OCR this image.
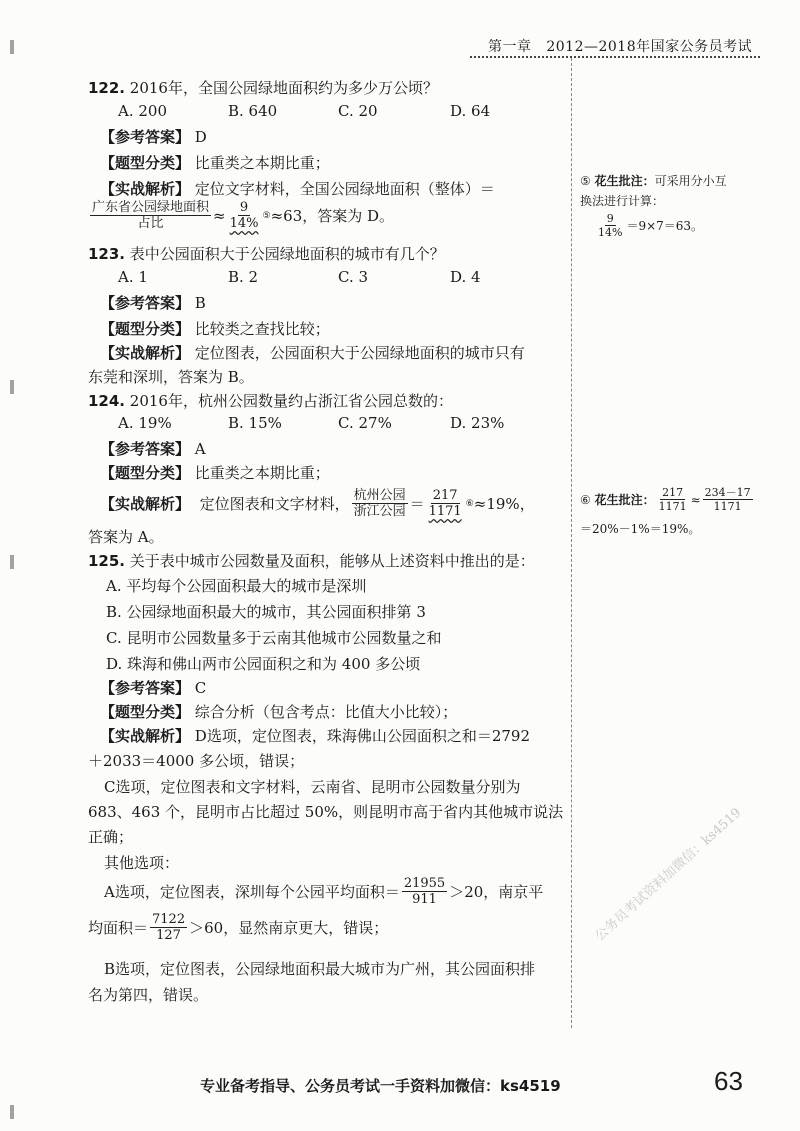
第一章 2012—2018年国家公务员考试
122. 2016年，全国公园绿地面积约为多少万公顷？
A. 200	B. 640	C. 20	D. 64
【参考答案】 D
【题型分类】 比重类之本期比重；
【实战解析】 定位文字材料，全国公园绿地面积（整体）＝
$\frac{\text{广东省公园绿地面积}}{\text{占比}} \approx \frac{9}{14\%}$ ⑤ ≈63，答案为 D。
123. 表中公园面积大于公园绿地面积的城市有几个？
A. 1	B. 2	C. 3	D. 4
【参考答案】 B
【题型分类】 比较类之查找比较；
【实战解析】 定位图表，公园面积大于公园绿地面积的城市只有
东莞和深圳，答案为 B。
124. 2016年，杭州公园数量约占浙江省公园总数的：
A. 19%	B. 15%	C. 27%	D. 23%
【参考答案】 A
【题型分类】 比重类之本期比重；
【实战解析】
定位图表和文字材料， $\frac{\text{杭州公园}}{\text{浙江公园}} = \frac{217}{1171}$ ⑥ ≈19%，
答案为 A。
125. 关于表中城市公园数量及面积，能够从上述资料中推出的是：
A. 平均每个公园面积最大的城市是深圳
B. 公园绿地面积最大的城市，其公园面积排第 3
C. 昆明市公园数量多于云南其他城市公园数量之和
D. 珠海和佛山两市公园面积之和为 400 多公顷
【参考答案】 C
【题型分类】 综合分析（包含考点：比值大小比较）；
【实战解析】 D选项，定位图表，珠海佛山公园面积之和＝2792
＋2033＝4000 多公顷，错误；
C选项，定位图表和文字材料，云南省、昆明市公园数量分别为
683、463 个，昆明市占比超过 50%，则昆明市高于省内其他城市说法
正确；
其他选项：
A选项，定位图表，深圳每个公园平均面积＝ $\frac{21955}{911} >20$，南京平
均面积＝ $\frac{7122}{127} >60$，显然南京更大，错误；
B选项，定位图表，公园绿地面积最大城市为广州，其公园面积排
名为第四，错误。
⑤ 花生批注：可采用分小互
换法进行计算：
$\frac{9}{14\%} =9\times 7=63$。
⑥
花生批注： $\frac{217}{1171} \approx \frac{234-17}{1171}$
＝20%－1%＝19%。
公务员考试资料加微信：ks4519
专业备考指导、公务员考试一手资料加微信：ks4519	63
